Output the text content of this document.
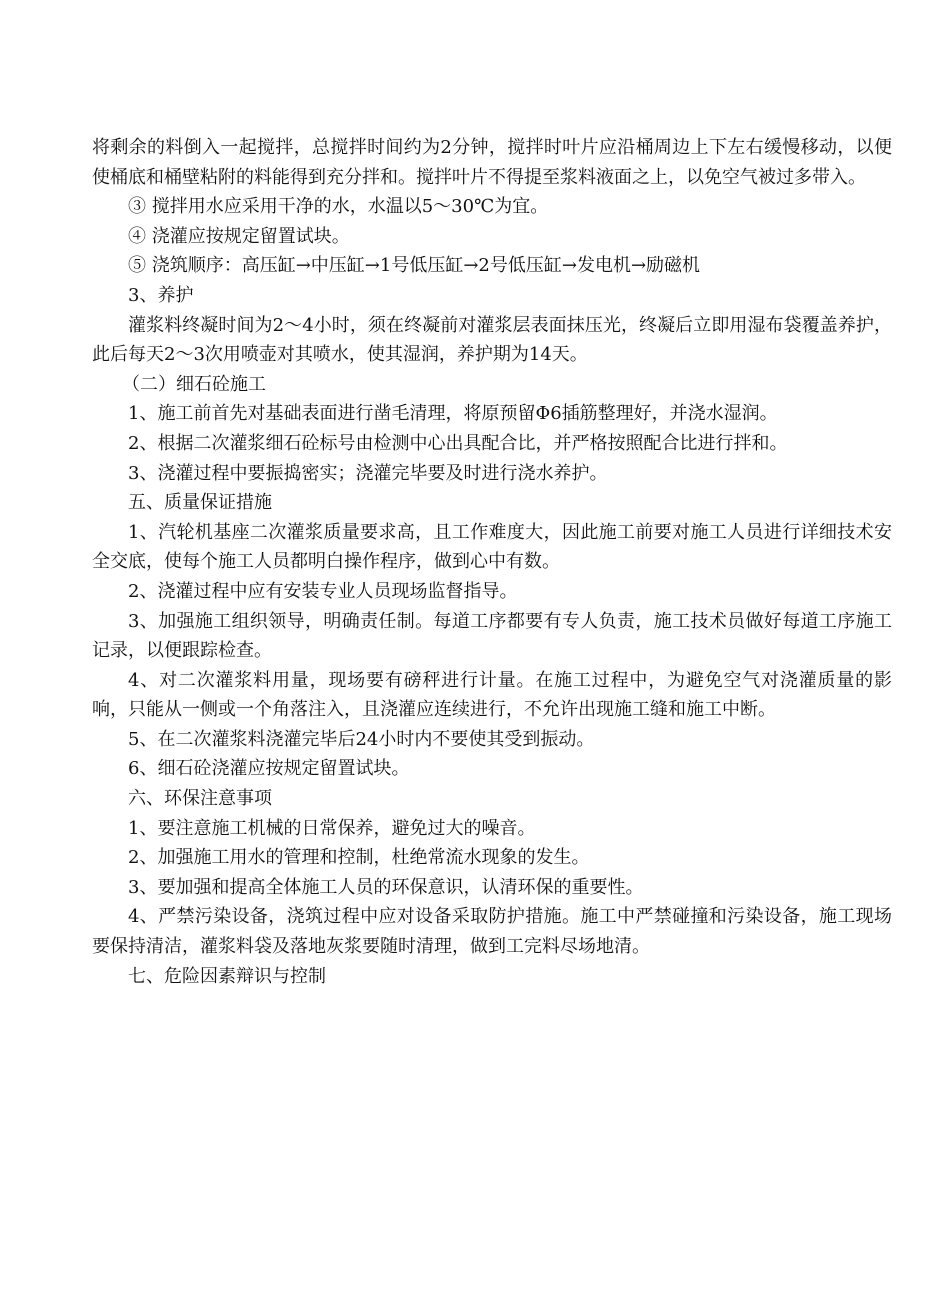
将剩余的料倒入一起搅拌，总搅拌时间约为2分钟，搅拌时叶片应沿桶周边上下左右缓慢移动，以便使桶底和桶壁粘附的料能得到充分拌和。搅拌叶片不得提至浆料液面之上，以免空气被过多带入。

③ 搅拌用水应采用干净的水，水温以5～30℃为宜。

④ 浇灌应按规定留置试块。

⑤ 浇筑顺序：高压缸→中压缸→1号低压缸→2号低压缸→发电机→励磁机

3、养护

灌浆料终凝时间为2～4小时，须在终凝前对灌浆层表面抹压光，终凝后立即用湿布袋覆盖养护，此后每天2～3次用喷壶对其喷水，使其湿润，养护期为14天。

（二）细石砼施工

1、施工前首先对基础表面进行凿毛清理，将原预留Φ6插筋整理好，并浇水湿润。

2、根据二次灌浆细石砼标号由检测中心出具配合比，并严格按照配合比进行拌和。

3、浇灌过程中要振捣密实；浇灌完毕要及时进行浇水养护。

五、质量保证措施

1、汽轮机基座二次灌浆质量要求高，且工作难度大，因此施工前要对施工人员进行详细技术安全交底，使每个施工人员都明白操作程序，做到心中有数。

2、浇灌过程中应有安装专业人员现场监督指导。

3、加强施工组织领导，明确责任制。每道工序都要有专人负责，施工技术员做好每道工序施工记录，以便跟踪检查。

4、对二次灌浆料用量，现场要有磅秤进行计量。在施工过程中，为避免空气对浇灌质量的影响，只能从一侧或一个角落注入，且浇灌应连续进行，不允许出现施工缝和施工中断。

5、在二次灌浆料浇灌完毕后24小时内不要使其受到振动。

6、细石砼浇灌应按规定留置试块。

六、环保注意事项

1、要注意施工机械的日常保养，避免过大的噪音。

2、加强施工用水的管理和控制，杜绝常流水现象的发生。

3、要加强和提高全体施工人员的环保意识，认清环保的重要性。

4、严禁污染设备，浇筑过程中应对设备采取防护措施。施工中严禁碰撞和污染设备，施工现场要保持清洁，灌浆料袋及落地灰浆要随时清理，做到工完料尽场地清。

七、危险因素辩识与控制
